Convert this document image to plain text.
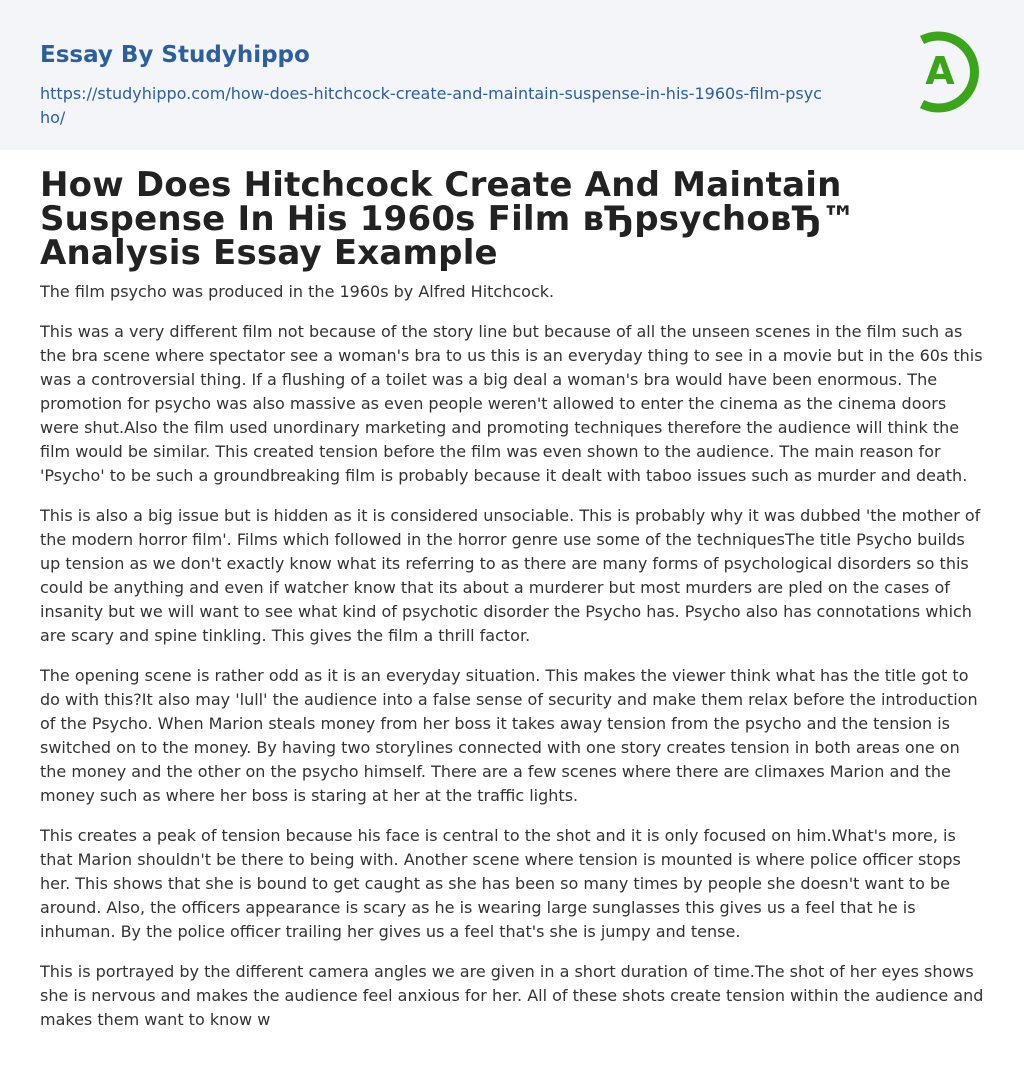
Essay By Studyhippo
https://studyhippo.com/how-does-hitchcock-create-and-maintain-suspense-in-his-1960s-film-psycho/
A
How Does Hitchcock Create And Maintain Suspense In His 1960s Film вЂpsychoвЂ™ Analysis Essay Example

The film psycho was produced in the 1960s by Alfred Hitchcock.

This was a very different film not because of the story line but because of all the unseen scenes in the film such as the bra scene where spectator see a woman's bra to us this is an everyday thing to see in a movie but in the 60s this was a controversial thing. If a flushing of a toilet was a big deal a woman's bra would have been enormous. The promotion for psycho was also massive as even people weren't allowed to enter the cinema as the cinema doors were shut.Also the film used unordinary marketing and promoting techniques therefore the audience will think the film would be similar. This created tension before the film was even shown to the audience. The main reason for 'Psycho' to be such a groundbreaking film is probably because it dealt with taboo issues such as murder and death.

This is also a big issue but is hidden as it is considered unsociable. This is probably why it was dubbed 'the mother of the modern horror film'. Films which followed in the horror genre use some of the techniquesThe title Psycho builds up tension as we don't exactly know what its referring to as there are many forms of psychological disorders so this could be anything and even if watcher know that its about a murderer but most murders are pled on the cases of insanity but we will want to see what kind of psychotic disorder the Psycho has. Psycho also has connotations which are scary and spine tinkling. This gives the film a thrill factor.

The opening scene is rather odd as it is an everyday situation. This makes the viewer think what has the title got to do with this?It also may 'lull' the audience into a false sense of security and make them relax before the introduction of the Psycho. When Marion steals money from her boss it takes away tension from the psycho and the tension is switched on to the money. By having two storylines connected with one story creates tension in both areas one on the money and the other on the psycho himself. There are a few scenes where there are climaxes Marion and the money such as where her boss is staring at her at the traffic lights.

This creates a peak of tension because his face is central to the shot and it is only focused on him.What's more, is that Marion shouldn't be there to being with. Another scene where tension is mounted is where police officer stops her. This shows that she is bound to get caught as she has been so many times by people she doesn't want to be around. Also, the officers appearance is scary as he is wearing large sunglasses this gives us a feel that he is inhuman. By the police officer trailing her gives us a feel that's she is jumpy and tense.

This is portrayed by the different camera angles we are given in a short duration of time.The shot of her eyes shows she is nervous and makes the audience feel anxious for her. All of these shots create tension within the audience and makes them want to know w
